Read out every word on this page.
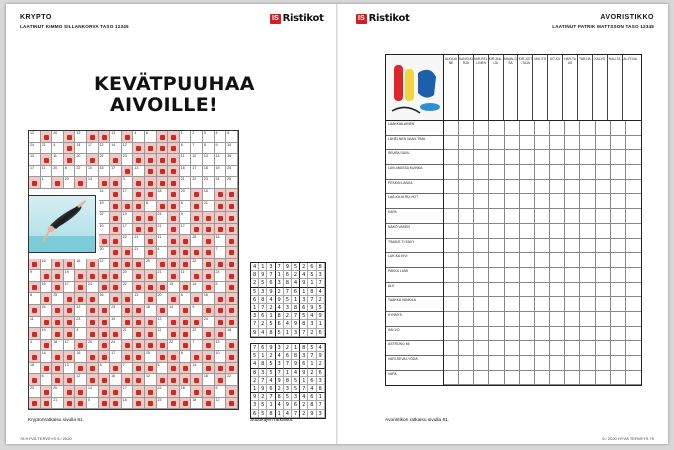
KRYPTO
LAATINUT KIMMO SILLANKORVA TASO 12345
IS Ristikot
KEVÄTPUUHAA
AIVOILLE!
12	20	13	13	4	6	1	2	3	4	5
24 21 4	14 17 12 14 12	6	7	8	9	10
13	11	20	22	23	11 12 13 14 15
17 11 20 8	22 10 15 17	13	16 17 18 19 20
1	20	14	3	21 22 23 24 25
14	17	18	20	16
19	8	8	21
22	19	24	9
10	17	21	17
22 21	11	25	18
20	21	4	7
16	16	12	20	22
9	19	20	21	11	24
16	17	24	22	13	14	5
8	25	16	13	20	8	16
24	22	23	18	14	9
11	23	19	13	24
19	4	21	11	22	18
3	18 17	20	24	22	7	13
14	16	17	25	8	10
18	13	8	7	5	14
6	12	16	12	18	22
23	20	14	17	22	18	5
21	5	16	15	18	12
4 1 3 7 9 5 2 6 8
8 9 7 1 6 2 4 5 3
2 5 6 3 8 4 9 1 7
5 3 9 2 7 6 1 8 4
6 8 4 9 5 1 3 7 2
1 7 2 4 3 8 6 9 5
3 6 1 8 2 7 5 4 9
7 2 5 6 4 9 8 3 1
9 4 8 5 1 3 7 2 6
7 6 9 3 2 1 8 5 4
5 1 2 4 6 8 3 7 9
4 8 5 3 7 9 6 1 2
8 3 5 7 1 4 9 2 6
2 7 4 9 8 5 1 6 3
1 9 6 2 3 5 7 4 8
9 2 7 8 5 3 4 6 1
3 5 1 4 9 6 2 8 7
6 5 8 1 4 7 2 9 3
Kryptonratkaisu sivulla 81.	Sudokujen ratkaisut:
78 HYVÄ TERVEYS 6 / 2020
IS Ristikot	AVORISTIKKO
LAATINUT PATRIK MATTSSON TASO 12345
ALKU-AINE
KANSI-KIRJA
VAR-REL-LINEN
KIR-JAIL-IJA
MAAN-OSA
KIR-JOIT-TAJA
MUI-STI	KIT-KU	HAR-TAUS
TAR-HA	KAI-VO	HAU-TA AL-PI-NA
LÄÄKKIÄLAINEN
LÄHEI-NEN VAAN-TIMA
SEURA SAVU
LAVI-MAISSA KUINKA
PESKIN LANKA
LAA-KUJA RU-HOT
KAPA
NÄKÖ VASEN
TIMANT-TI SÄVY
LUK-KA KIVI
PAKKA LUMI
ALV
TAAKKA VANKILA
KYNNYS
KAI-VO
ASTRONO MI
VARI-SEVA LYÖDÄ
VAPA
Avoristikon ratkaisu sivulla 81.
6 / 2020 HYVÄ TERVEYS 79
